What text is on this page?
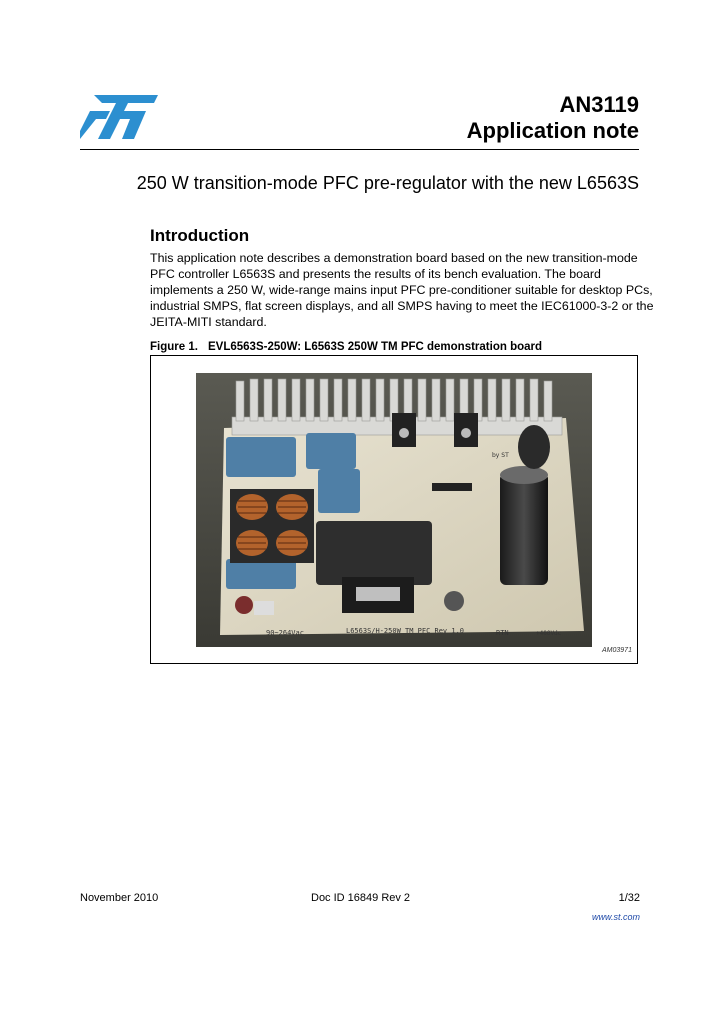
AN3119
Application note
250 W transition-mode PFC pre-regulator with the new L6563S
Introduction
This application note describes a demonstration board based on the new transition-mode
PFC controller L6563S and presents the results of its bench evaluation. The board
implements a 250 W, wide-range mains input PFC pre-conditioner suitable for desktop PCs,
industrial SMPS, flat screen displays, and all SMPS having to meet the IEC61000-3-2 or the
JEITA-MITI standard.
Figure 1. EVL6563S-250W: L6563S 250W TM PFC demonstration board
90~264Vac	L6563S/H-250W TM PFC Rev 1.0	RTN	+400Vdc
by ST
AM03971
November 2010	Doc ID 16849 Rev 2	1/32
www.st.com
